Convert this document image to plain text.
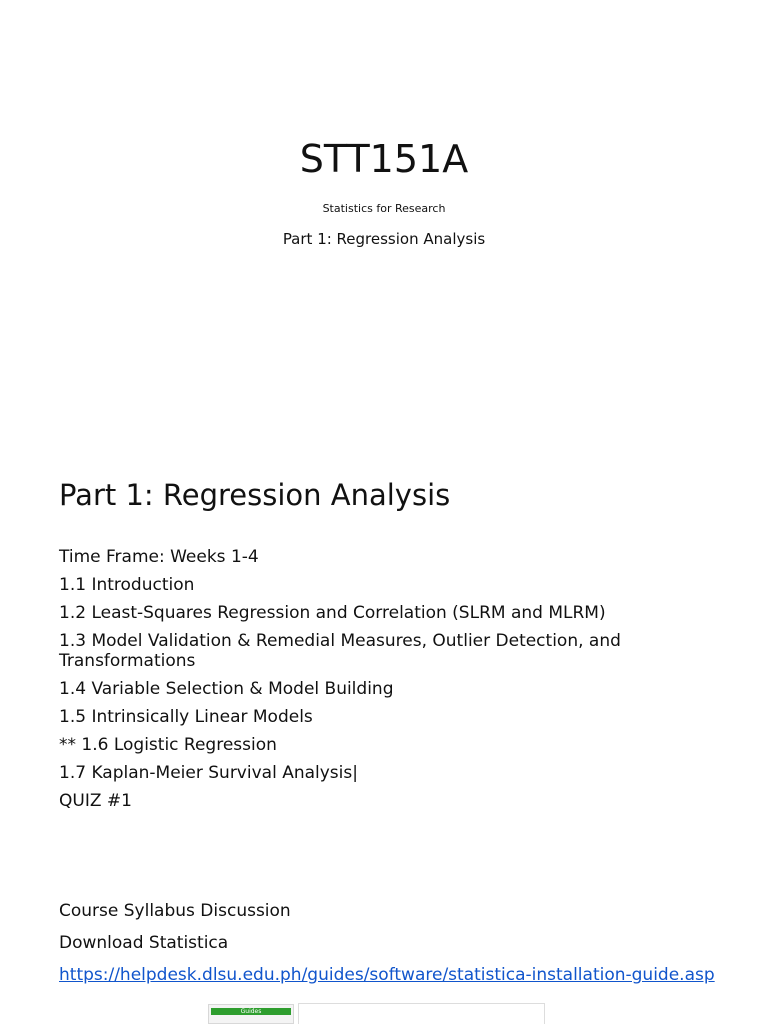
STT151A
Statistics for Research
Part 1: Regression Analysis
Part 1: Regression Analysis
Time Frame: Weeks 1-4
1.1 Introduction
1.2 Least-Squares Regression and Correlation (SLRM and MLRM)
1.3 Model Validation & Remedial Measures, Outlier Detection, and Transformations
1.4 Variable Selection & Model Building
1.5 Intrinsically Linear Models
** 1.6 Logistic Regression
1.7 Kaplan-Meier Survival Analysis|
QUIZ #1
Course Syllabus Discussion
Download Statistica
https://helpdesk.dlsu.edu.ph/guides/software/statistica-installation-guide.asp
Guides
